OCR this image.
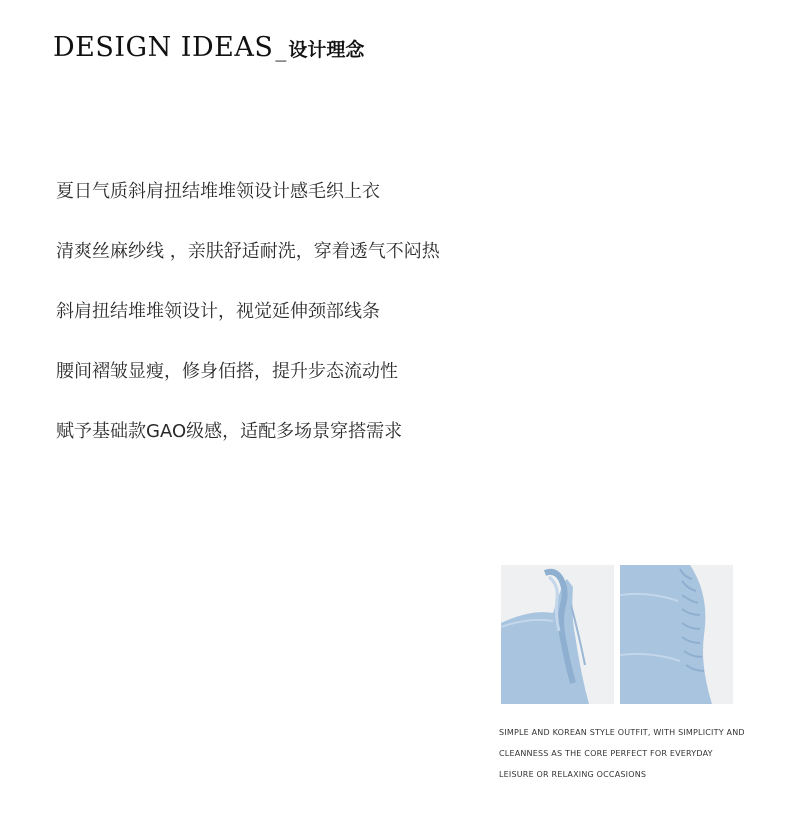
DESIGN IDEAS _ 设计理念
夏日气质斜肩扭结堆堆领设计感毛织上衣
清爽丝麻纱线 ，亲肤舒适耐洗，穿着透气不闷热
斜肩扭结堆堆领设计，视觉延伸颈部线条
腰间褶皱显瘦，修身佰搭，提升步态流动性
赋予基础款GAO级感，适配多场景穿搭需求
SIMPLE AND KOREAN STYLE OUTFIT, WITH SIMPLICITY AND
CLEANNESS AS THE CORE PERFECT FOR EVERYDAY
LEISURE OR RELAXING OCCASIONS
